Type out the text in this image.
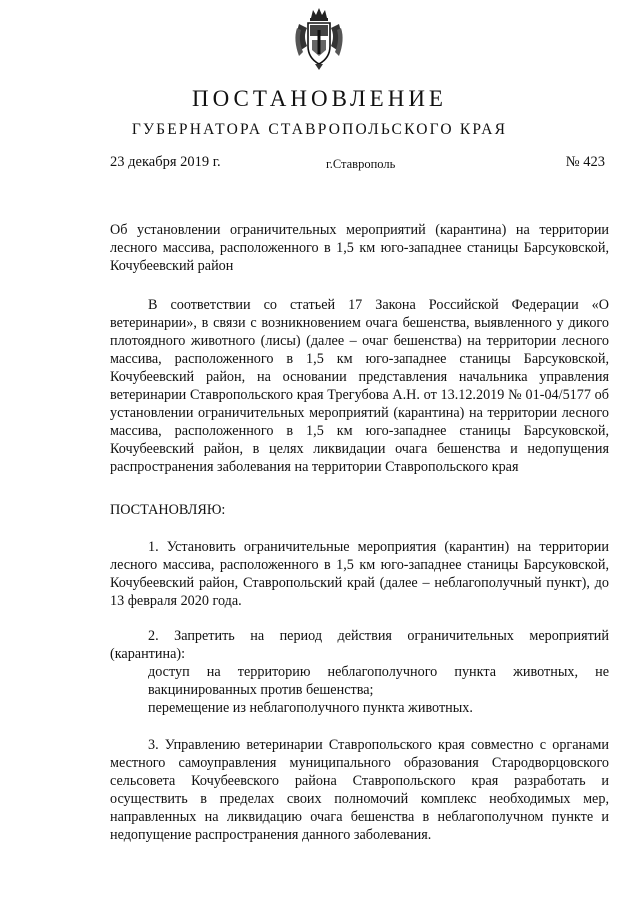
ПОСТАНОВЛЕНИЕ
ГУБЕРНАТОРА СТАВРОПОЛЬСКОГО КРАЯ
23 декабря 2019 г.	г.Ставрополь	№ 423
Об установлении ограничительных мероприятий (карантина) на территории лесного массива, расположенного в 1,5 км юго-западнее станицы Барсуковской, Кочубеевский район
В соответствии со статьей 17 Закона Российской Федерации «О ветеринарии», в связи с возникновением очага бешенства, выявленного у дикого плотоядного животного (лисы) (далее – очаг бешенства) на территории лесного массива, расположенного в 1,5 км юго-западнее станицы Барсуковской, Кочубеевский район, на основании представления начальника управления ветеринарии Ставропольского края Трегубова А.Н. от 13.12.2019 № 01-04/5177 об установлении ограничительных мероприятий (карантина) на территории лесного массива, расположенного в 1,5 км юго-западнее станицы Барсуковской, Кочубеевский район, в целях ликвидации очага бешенства и недопущения распространения заболевания на территории Ставропольского края
ПОСТАНОВЛЯЮ:
1. Установить ограничительные мероприятия (карантин) на территории лесного массива, расположенного в 1,5 км юго-западнее станицы Барсуковской, Кочубеевский район, Ставропольский край (далее – неблагополучный пункт), до 13 февраля 2020 года.
2. Запретить на период действия ограничительных мероприятий (карантина):
доступ на территорию неблагополучного пункта животных, не вакцинированных против бешенства;
перемещение из неблагополучного пункта животных.
3. Управлению ветеринарии Ставропольского края совместно с органами местного самоуправления муниципального образования Стародворцовского сельсовета Кочубеевского района Ставропольского края разработать и осуществить в пределах своих полномочий комплекс необходимых мер, направленных на ликвидацию очага бешенства в неблагополучном пункте и недопущение распространения данного заболевания.
